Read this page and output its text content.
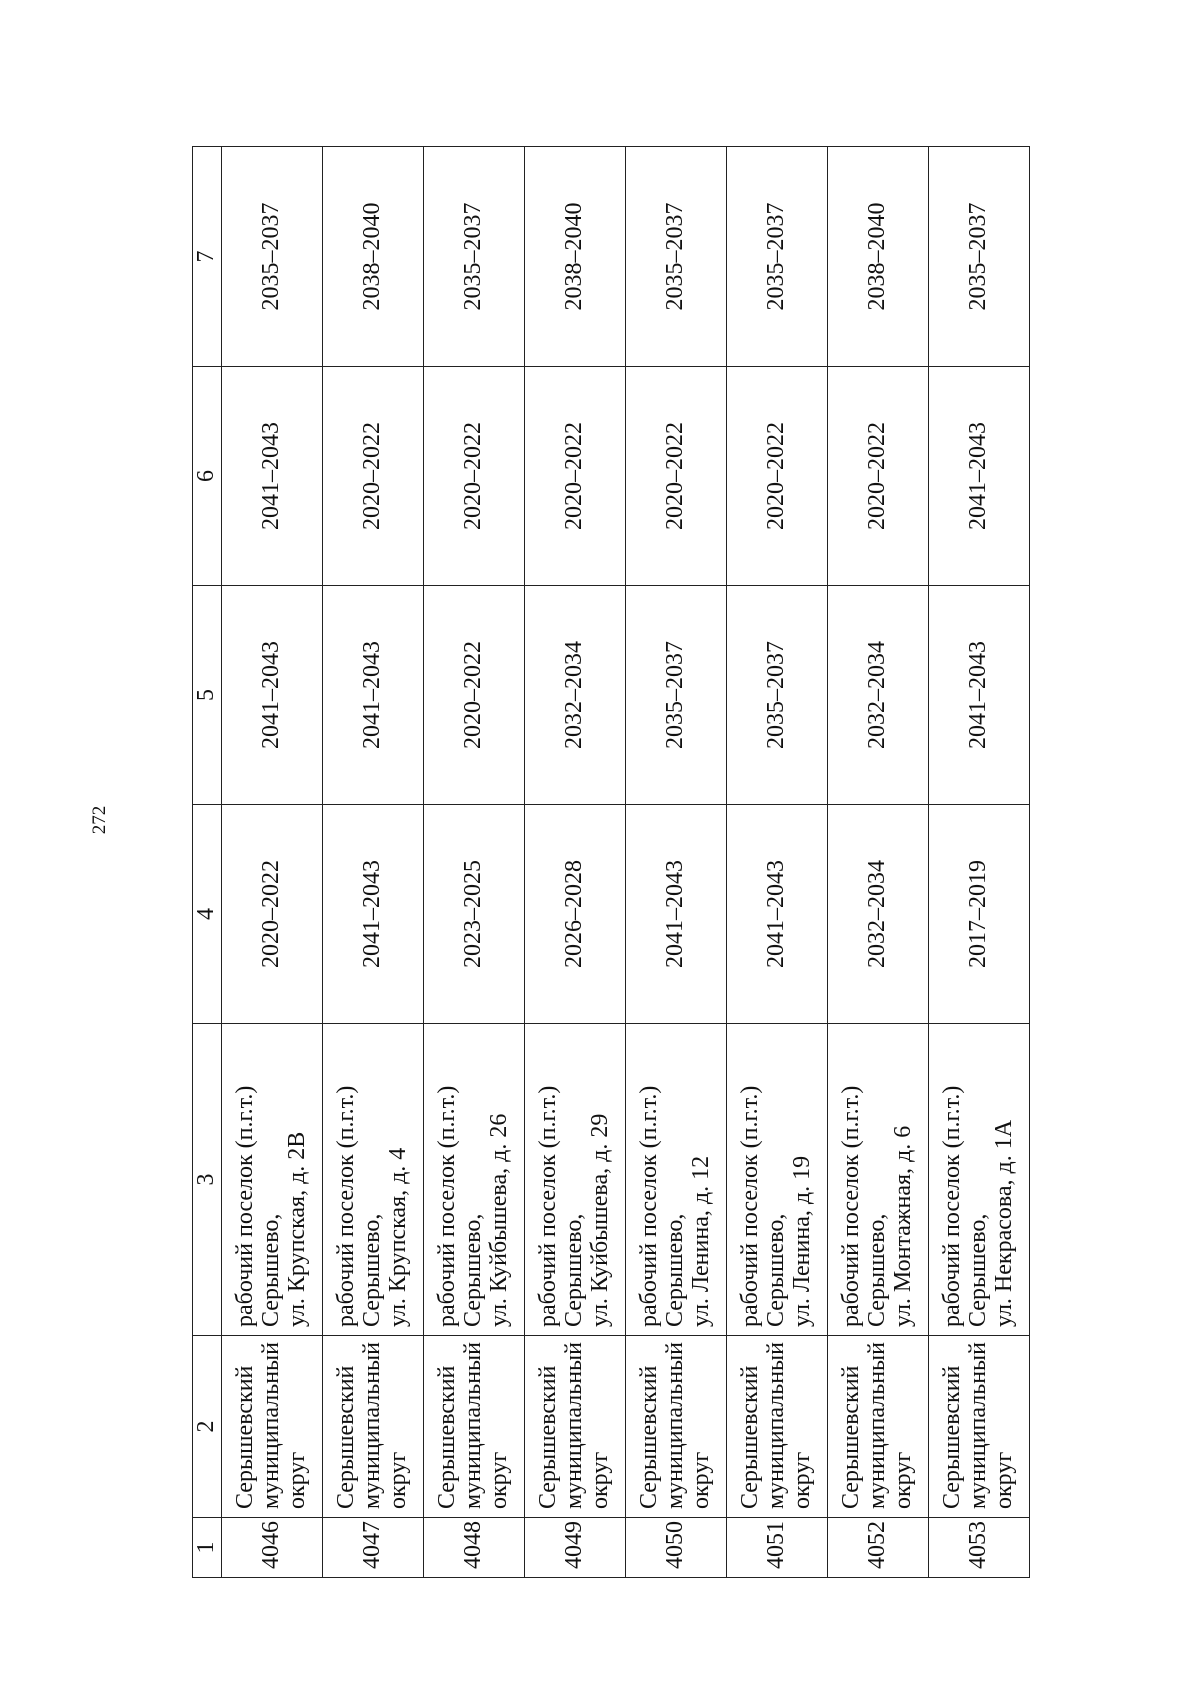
272
1	2	3	4	5	6	7
4046	Серышевский
муниципальный
округ	рабочий поселок (п.г.т.)
Серышево,
ул. Крупская, д. 2В	2020–2022	2041–2043	2041–2043	2035–2037
4047	Серышевский
муниципальный
округ	рабочий поселок (п.г.т.)
Серышево,
ул. Крупская, д. 4	2041–2043	2041–2043	2020–2022	2038–2040
4048	Серышевский
муниципальный
округ	рабочий поселок (п.г.т.)
Серышево,
ул. Куйбышева, д. 26	2023–2025	2020–2022	2020–2022	2035–2037
4049	Серышевский
муниципальный
округ	рабочий поселок (п.г.т.)
Серышево,
ул. Куйбышева, д. 29	2026–2028	2032–2034	2020–2022	2038–2040
4050	Серышевский
муниципальный
округ	рабочий поселок (п.г.т.)
Серышево,
ул. Ленина, д. 12	2041–2043	2035–2037	2020–2022	2035–2037
4051	Серышевский
муниципальный
округ	рабочий поселок (п.г.т.)
Серышево,
ул. Ленина, д. 19	2041–2043	2035–2037	2020–2022	2035–2037
4052	Серышевский
муниципальный
округ	рабочий поселок (п.г.т.)
Серышево,
ул. Монтажная, д. 6	2032–2034	2032–2034	2020–2022	2038–2040
4053	Серышевский
муниципальный
округ	рабочий поселок (п.г.т.)
Серышево,
ул. Некрасова, д. 1А	2017–2019	2041–2043	2041–2043	2035–2037
